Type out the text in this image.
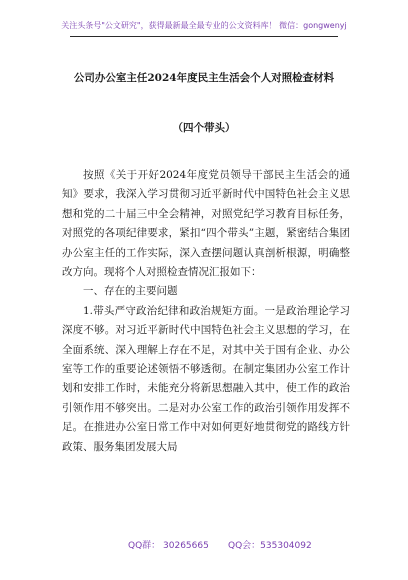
关注头条号"公文研究"，获得最新最全最专业的公文资料库！ 微信：gongwenyj
公司办公室主任2024年度民主生活会个人对照检查材料
（四个带头）

按照《关于开好2024年度党员领导干部民主生活会的通知》要求，我深入学习贯彻习近平新时代中国特色社会主义思想和党的二十届三中全会精神，对照党纪学习教育目标任务，对照党的各项纪律要求，紧扣“四个带头”主题，紧密结合集团办公室主任的工作实际，深入查摆问题认真剖析根源，明确整改方向。现将个人对照检查情况汇报如下：

一、存在的主要问题

1.带头严守政治纪律和政治规矩方面。一是政治理论学习深度不够。对习近平新时代中国特色社会主义思想的学习，在全面系统、深入理解上存在不足，对其中关于国有企业、办公室等工作的重要论述领悟不够透彻。在制定集团办公室工作计划和安排工作时，未能充分将新思想融入其中，使工作的政治引领作用不够突出。二是对办公室工作的政治引领作用发挥不足。在推进办公室日常工作中对如何更好地贯彻党的路线方针政策、服务集团发展大局

QQ群： 30265665 QQ会：535304092
